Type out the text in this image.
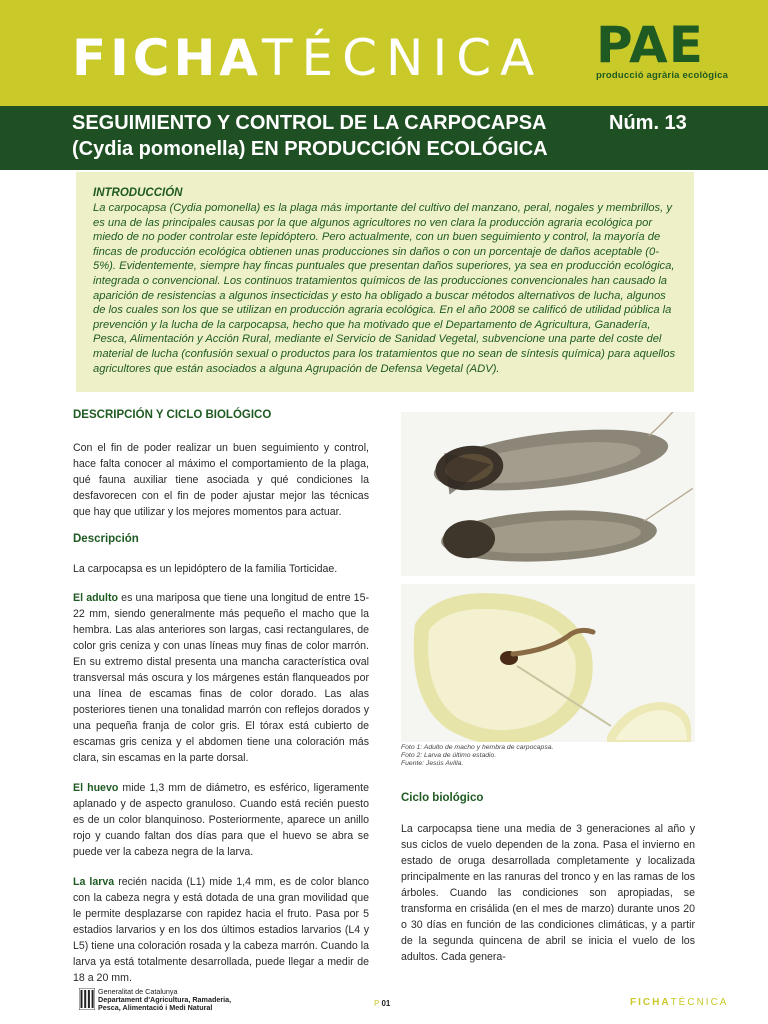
FICHATÉCNICA PAE
producció agrària ecològica
SEGUIMIENTO Y CONTROL DE LA CARPOCAPSA
(Cydia pomonella) EN PRODUCCIÓN ECOLÓGICA
Núm. 13
INTRODUCCIÓN
La carpocapsa (Cydia pomonella) es la plaga más importante del cultivo del manzano, peral, nogales y membrillos, y es una de las principales causas por la que algunos agricultores no ven clara la producción agraria ecológica por miedo de no poder controlar este lepidóptero. Pero actualmente, con un buen seguimiento y control, la mayoría de fincas de producción ecológica obtienen unas producciones sin daños o con un porcentaje de daños aceptable (0-5%). Evidentemente, siempre hay fincas puntuales que presentan daños superiores, ya sea en producción ecológica, integrada o convencional. Los continuos tratamientos químicos de las producciones convencionales han causado la aparición de resistencias a algunos insecticidas y esto ha obligado a buscar métodos alternativos de lucha, algunos de los cuales son los que se utilizan en producción agraria ecológica. En el año 2008 se calificó de utilidad pública la prevención y la lucha de la carpocapsa, hecho que ha motivado que el Departamento de Agricultura, Ganadería, Pesca, Alimentación y Acción Rural, mediante el Servicio de Sanidad Vegetal, subvencione una parte del coste del material de lucha (confusión sexual o productos para los tratamientos que no sean de síntesis química) para aquellos agricultores que están asociados a alguna Agrupación de Defensa Vegetal (ADV).
DESCRIPCIÓN Y CICLO BIOLÓGICO
Con el fin de poder realizar un buen seguimiento y control, hace falta conocer al máximo el comportamiento de la plaga, qué fauna auxiliar tiene asociada y qué condiciones la desfavorecen con el fin de poder ajustar mejor las técnicas que hay que utilizar y los mejores momentos para actuar.
Descripción
La carpocapsa es un lepidóptero de la familia Torticidae.
El adulto es una mariposa que tiene una longitud de entre 15-22 mm, siendo generalmente más pequeño el macho que la hembra. Las alas anteriores son largas, casi rectangulares, de color gris ceniza y con unas líneas muy finas de color marrón. En su extremo distal presenta una mancha característica oval transversal más oscura y los márgenes están flanqueados por una línea de escamas finas de color dorado. Las alas posteriores tienen una tonalidad marrón con reflejos dorados y una pequeña franja de color gris. El tórax está cubierto de escamas gris ceniza y el abdomen tiene una coloración más clara, sin escamas en la parte dorsal.
El huevo mide 1,3 mm de diámetro, es esférico, ligeramente aplanado y de aspecto granuloso. Cuando está recién puesto es de un color blanquinoso. Posteriormente, aparece un anillo rojo y cuando faltan dos días para que el huevo se abra se puede ver la cabeza negra de la larva.
La larva recién nacida (L1) mide 1,4 mm, es de color blanco con la cabeza negra y está dotada de una gran movilidad que le permite desplazarse con rapidez hacia el fruto. Pasa por 5 estadios larvarios y en los dos últimos estadios larvarios (L4 y L5) tiene una coloración rosada y la cabeza marrón. Cuando la larva ya está totalmente desarrollada, puede llegar a medir de 18 a 20 mm.
Foto 1: Adulto de macho y hembra de carpocapsa.
Foto 2: Larva de último estadio.
Fuente: Jesús Avilla.
Ciclo biológico
La carpocapsa tiene una media de 3 generaciones al año y sus ciclos de vuelo dependen de la zona. Pasa el invierno en estado de oruga desarrollada completamente y localizada principalmente en las ranuras del tronco y en las ramas de los árboles. Cuando las condiciones son apropiadas, se transforma en crisálida (en el mes de marzo) durante unos 20 o 30 días en función de las condiciones climáticas, y a partir de la segunda quincena de abril se inicia el vuelo de los adultos. Cada genera-
Generalitat de Catalunya
Departament d'Agricultura, Ramaderia,
Pesca, Alimentació i Medi Natural	P 01	FICHATÉCNICA
